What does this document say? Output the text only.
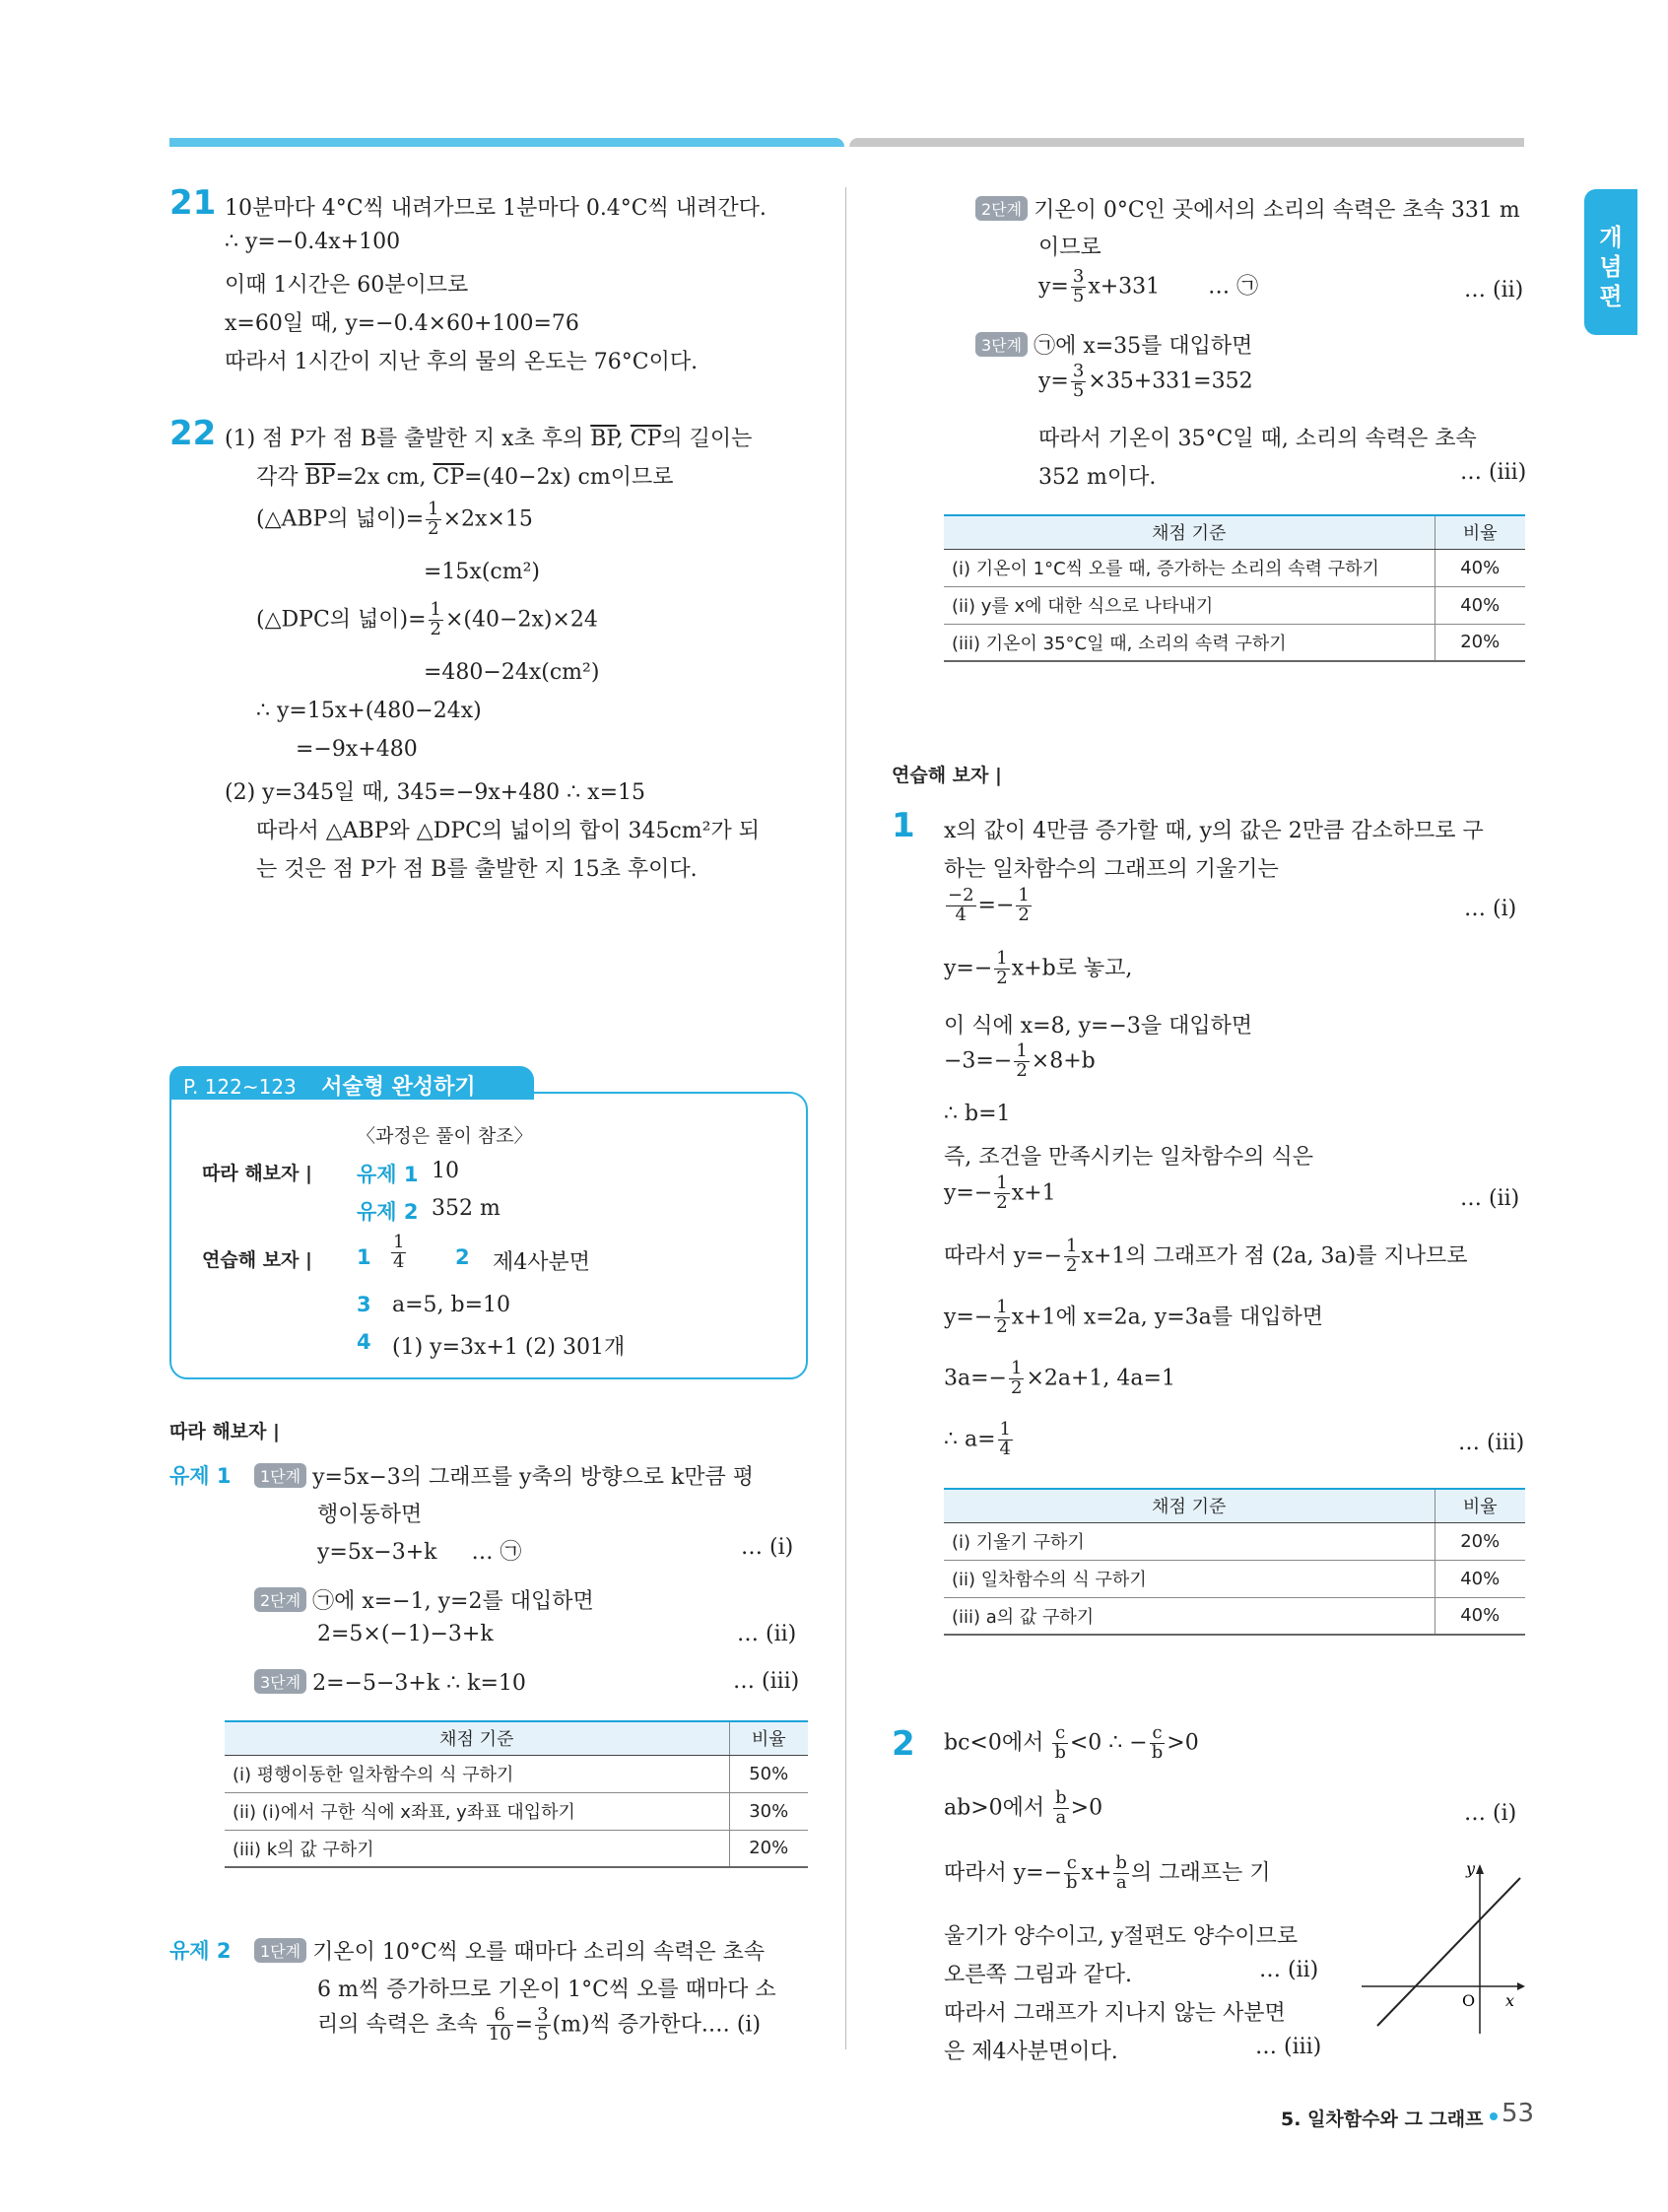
개념편
21 10분마다 4°C씩 내려가므로 1분마다 0.4°C씩 내려간다.
∴ y=−0.4x+100
이때 1시간은 60분이므로
x=60일 때, y=−0.4×60+100=76
따라서 1시간이 지난 후의 물의 온도는 76°C이다.
22 (1) 점 P가 점 B를 출발한 지 x초 후의 $\overline{BP}$, $\overline{CP}$의 길이는
각각 $\overline{BP}=2x$ cm, $\overline{CP}=(40-2x)$ cm이므로
(△ABP의 넓이)= $\frac{1}{2} \times 2x\times 15$
=15x(cm²)
(△DPC의 넓이)= $\frac{1}{2} \times(40-2x)\times 24$
=480−24x(cm²)
∴ y=15x+(480−24x)
=−9x+480
(2) y=345일 때, 345=−9x+480 ∴ x=15
따라서 △ABP와 △DPC의 넓이의 합이 345cm²가 되
는 것은 점 P가 점 B를 출발한 지 15초 후이다.
P. 122~123 서술형 완성하기
〈과정은 풀이 참조〉
따라 해보자 | 유제 1 10
유제 2 352 m
연습해 보자 | $1 \frac{1}{4} 2$ 제4사분면
3 a=5, b=10
4 (1) y=3x+1 (2) 301개
따라 해보자 |
유제 1	1단계 y=5x−3의 그래프를 y축의 방향으로 k만큼 평
행이동하면
y=5x−3+k … ㉠	… (i)
2단계 ㉠에 x=−1, y=2를 대입하면
2=5×(−1)−3+k	… (ii)
3단계 2=−5−3+k ∴ k=10	… (iii)
채점 기준	비율
(i) 평행이동한 일차함수의 식 구하기	50%
(ii) (i)에서 구한 식에 x좌표, y좌표 대입하기	30%
(iii) k의 값 구하기	20%
유제 2	1단계 기온이 10°C씩 오를 때마다 소리의 속력은 초속
6 m씩 증가하므로 기온이 1°C씩 오를 때마다 소
리의 속력은 초속 $\frac{6}{10} = \frac{3}{5} (m)$씩 증가한다.… (i)
2단계 기온이 0°C인 곳에서의 소리의 속력은 초속 331 m
이므로
$y= \frac{3}{5} x+331$ … ㉠	… (ii)
3단계 ㉠에 x=35를 대입하면
$y= \frac{3}{5} \times 35+331=352$
따라서 기온이 35°C일 때, 소리의 속력은 초속
352 m이다.	… (iii)
채점 기준	비율
(i) 기온이 1°C씩 오를 때, 증가하는 소리의 속력 구하기	40%
(ii) y를 x에 대한 식으로 나타내기	40%
(iii) 기온이 35°C일 때, 소리의 속력 구하기	20%
연습해 보자 |
1 x의 값이 4만큼 증가할 때, y의 값은 2만큼 감소하므로 구
하는 일차함수의 그래프의 기울기는
$\frac{-2}{4} =- \frac{1}{2}$	… (i)
$y=- \frac{1}{2} x+b$로 놓고,
이 식에 x=8, y=−3을 대입하면
$-3=- \frac{1}{2} \times 8+b$
∴ b=1
즉, 조건을 만족시키는 일차함수의 식은
$y=- \frac{1}{2} x+1$	… (ii)
따라서 $y=- \frac{1}{2} x+1$의 그래프가 점 (2a, 3a)를 지나므로
$y=- \frac{1}{2} x+1$에 x=2a, y=3a를 대입하면
$3a=- \frac{1}{2} \times 2a+1$, 4a=1
∴ $a= \frac{1}{4}$	… (iii)
채점 기준	비율
(i) 기울기 구하기	20%
(ii) 일차함수의 식 구하기	40%
(iii) a의 값 구하기	40%
2 bc<0에서 $\frac{c}{b} <0$ ∴ − $\frac{c}{b} >0$
ab>0에서 $\frac{b}{a} >0$	… (i)
따라서 $y=- \frac{c}{b} x+ \frac{b}{a}$ 의 그래프는 기
울기가 양수이고, y절편도 양수이므로
오른쪽 그림과 같다.	… (ii)
따라서 그래프가 지나지 않는 사분면
은 제4사분면이다.	… (iii)
y
x
O
5. 일차함수와 그 그래프 53
